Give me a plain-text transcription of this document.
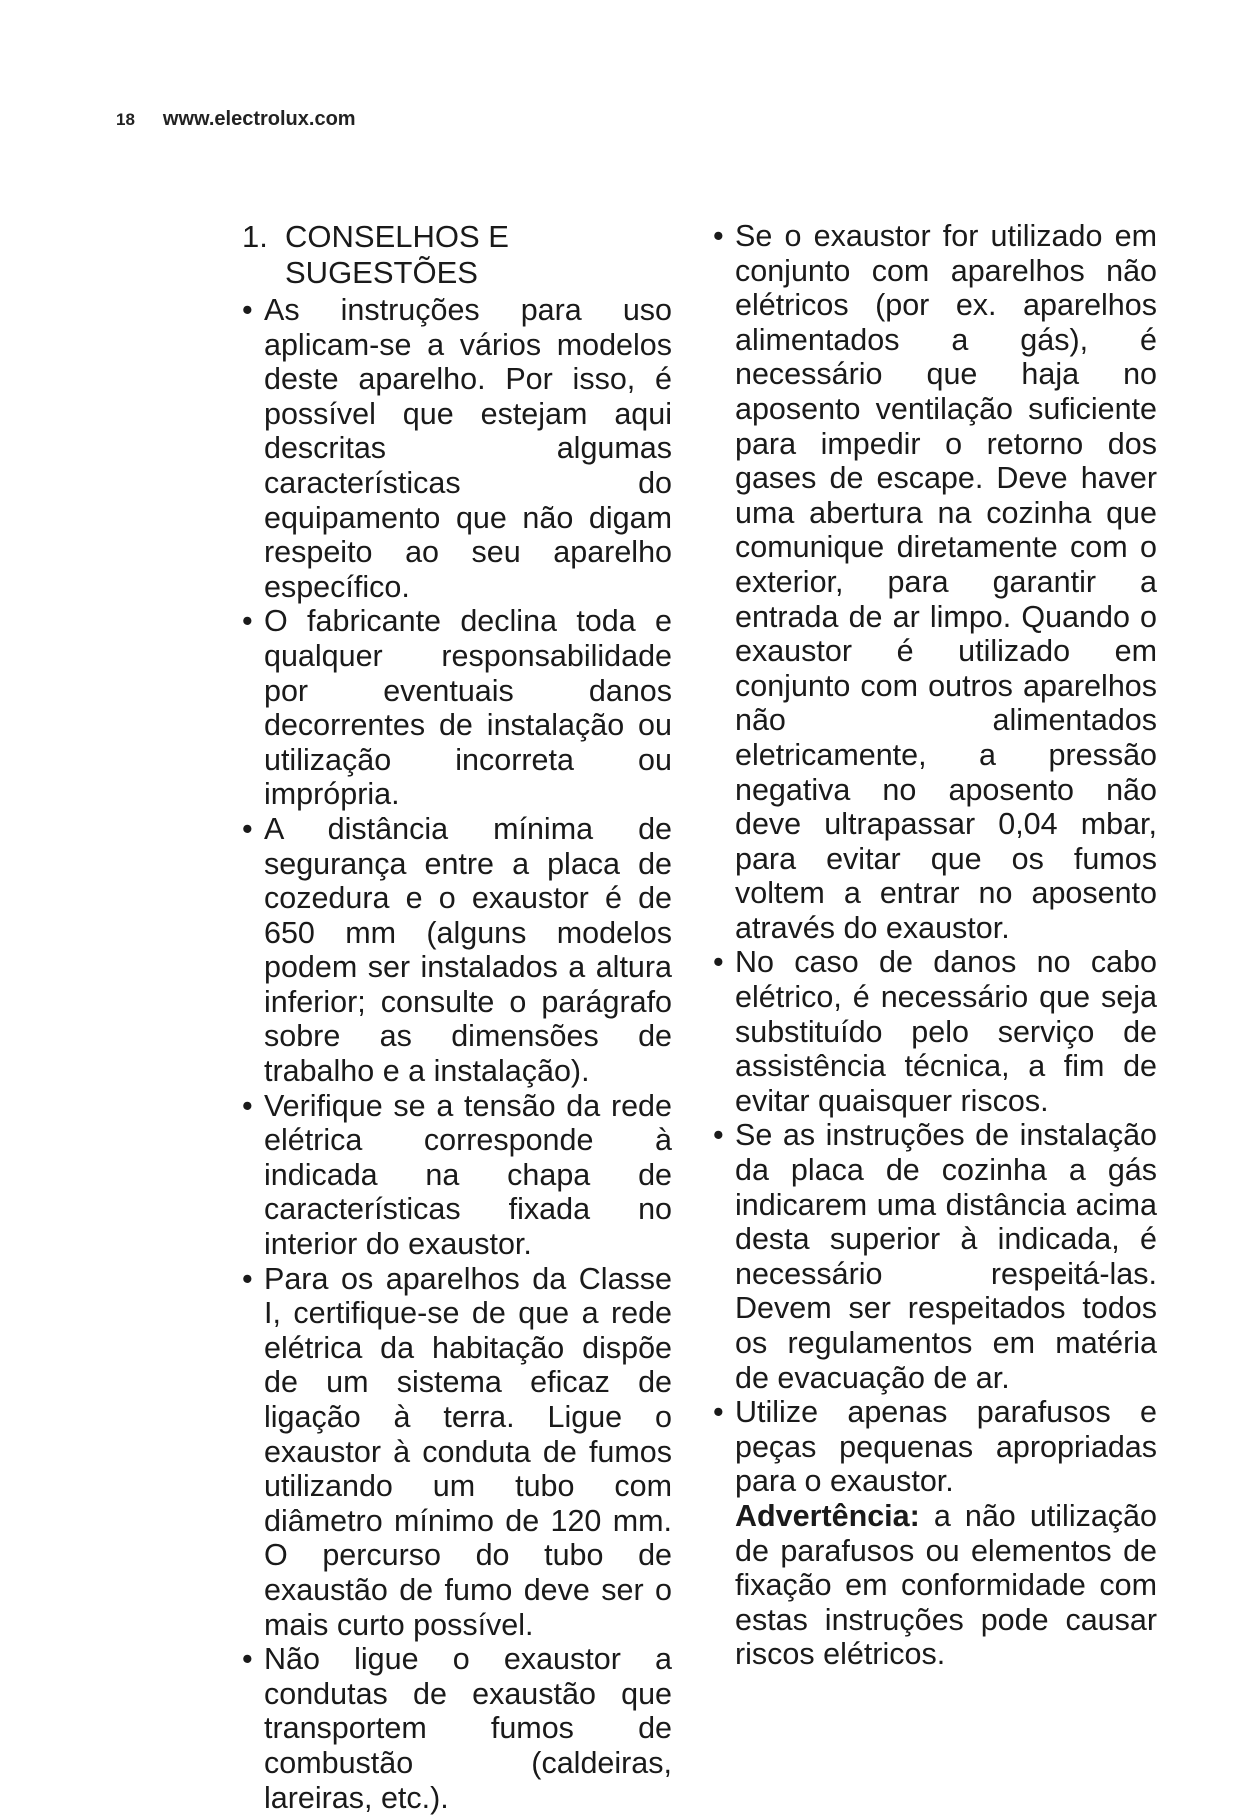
18 www.electrolux.com
1. CONSELHOS E SUGESTÕES
• As instruções para uso aplicam-se a vários modelos deste aparelho. Por isso, é possível que estejam aqui descritas algumas características do equipamento que não digam respeito ao seu aparelho específico.
• O fabricante declina toda e qualquer responsabilidade por eventuais danos decorrentes de instalação ou utilização incorreta ou imprópria.
• A distância mínima de segurança entre a placa de cozedura e o exaustor é de 650 mm (alguns modelos podem ser instalados a altura inferior; consulte o parágrafo sobre as dimensões de trabalho e a instalação).
• Verifique se a tensão da rede elétrica corresponde à indicada na chapa de características fixada no interior do exaustor.
• Para os aparelhos da Classe I, certifique-se de que a rede elétrica da habitação dispõe de um sistema eficaz de ligação à terra. Ligue o exaustor à conduta de fumos utilizando um tubo com diâmetro mínimo de 120 mm. O percurso do tubo de exaustão de fumo deve ser o mais curto possível.
• Não ligue o exaustor a condutas de exaustão que transportem fumos de combustão (caldeiras, lareiras, etc.).
• Se o exaustor for utilizado em conjunto com aparelhos não elétricos (por ex. aparelhos alimentados a gás), é necessário que haja no aposento ventilação suficiente para impedir o retorno dos gases de escape. Deve haver uma abertura na cozinha que comunique diretamente com o exterior, para garantir a entrada de ar limpo. Quando o exaustor é utilizado em conjunto com outros aparelhos não alimentados eletricamente, a pressão negativa no aposento não deve ultrapassar 0,04 mbar, para evitar que os fumos voltem a entrar no aposento através do exaustor.
• No caso de danos no cabo elétrico, é necessário que seja substituído pelo serviço de assistência técnica, a fim de evitar quaisquer riscos.
• Se as instruções de instalação da placa de cozinha a gás indicarem uma distância acima desta superior à indicada, é necessário respeitá-las. Devem ser respeitados todos os regulamentos em matéria de evacuação de ar.
• Utilize apenas parafusos e peças pequenas apropriadas para o exaustor.
Advertência: a não utilização de parafusos ou elementos de fixação em conformidade com estas instruções pode causar riscos elétricos.
